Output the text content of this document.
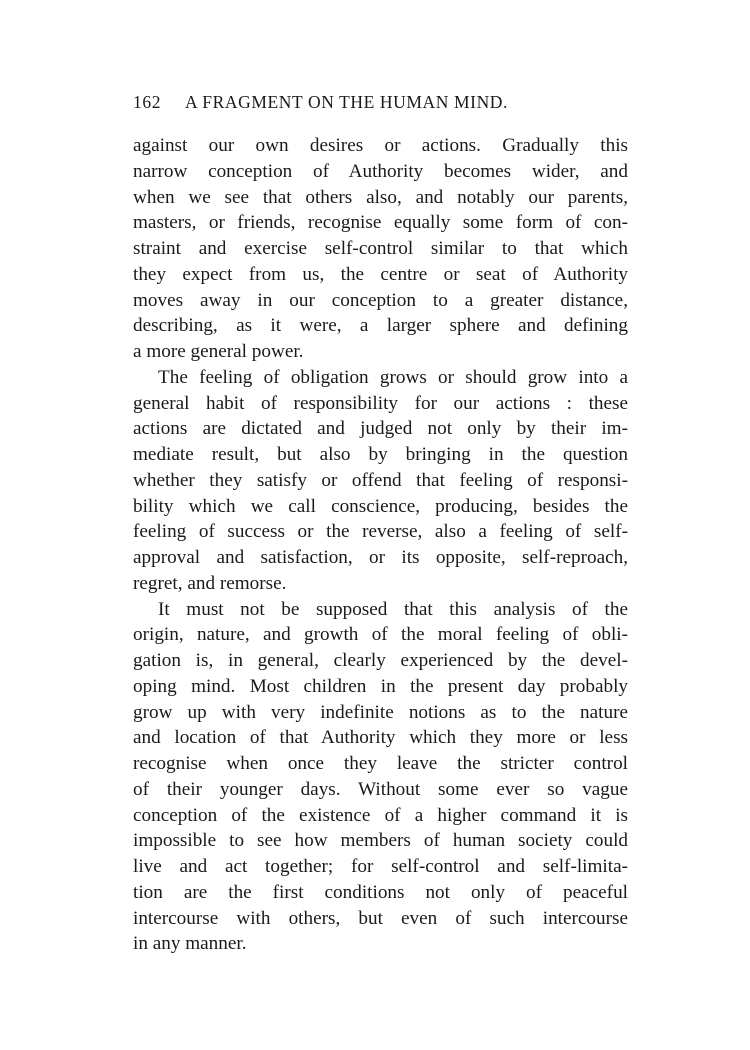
162 A FRAGMENT ON THE HUMAN MIND.
against our own desires or actions. Gradually this
narrow conception of Authority becomes wider, and
when we see that others also, and notably our parents,
masters, or friends, recognise equally some form of con-
straint and exercise self-control similar to that which
they expect from us, the centre or seat of Authority
moves away in our conception to a greater distance,
describing, as it were, a larger sphere and defining
a more general power.
The feeling of obligation grows or should grow into a
general habit of responsibility for our actions : these
actions are dictated and judged not only by their im-
mediate result, but also by bringing in the question
whether they satisfy or offend that feeling of responsi-
bility which we call conscience, producing, besides the
feeling of success or the reverse, also a feeling of self-
approval and satisfaction, or its opposite, self-reproach,
regret, and remorse.
It must not be supposed that this analysis of the
origin, nature, and growth of the moral feeling of obli-
gation is, in general, clearly experienced by the devel-
oping mind. Most children in the present day probably
grow up with very indefinite notions as to the nature
and location of that Authority which they more or less
recognise when once they leave the stricter control
of their younger days. Without some ever so vague
conception of the existence of a higher command it is
impossible to see how members of human society could
live and act together; for self-control and self-limita-
tion are the first conditions not only of peaceful
intercourse with others, but even of such intercourse
in any manner.
